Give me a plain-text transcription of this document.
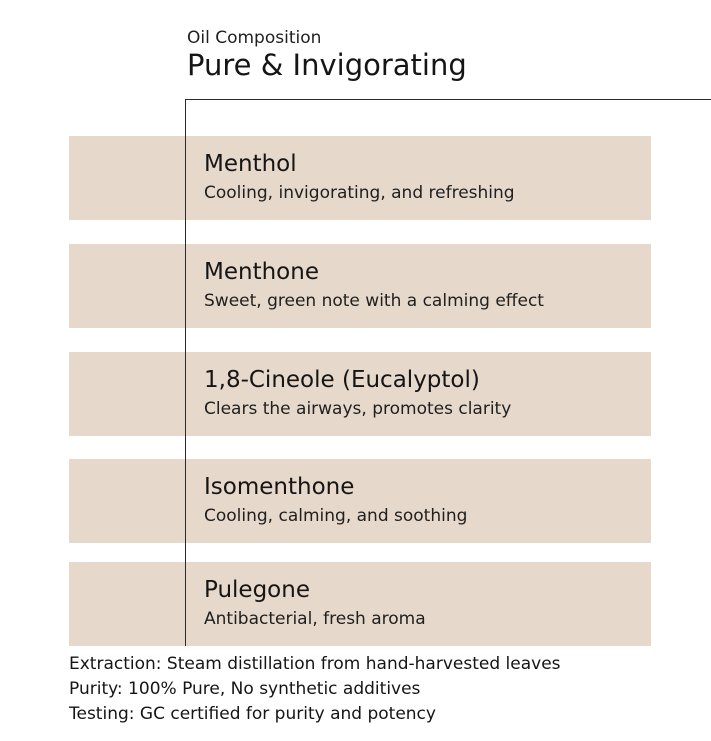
Oil Composition
Pure & Invigorating
Menthol
Cooling, invigorating, and refreshing
Menthone
Sweet, green note with a calming effect
1,8-Cineole (Eucalyptol)
Clears the airways, promotes clarity
Isomenthone
Cooling, calming, and soothing
Pulegone
Antibacterial, fresh aroma
Extraction: Steam distillation from hand-harvested leaves
Purity: 100% Pure, No synthetic additives
Testing: GC certified for purity and potency
